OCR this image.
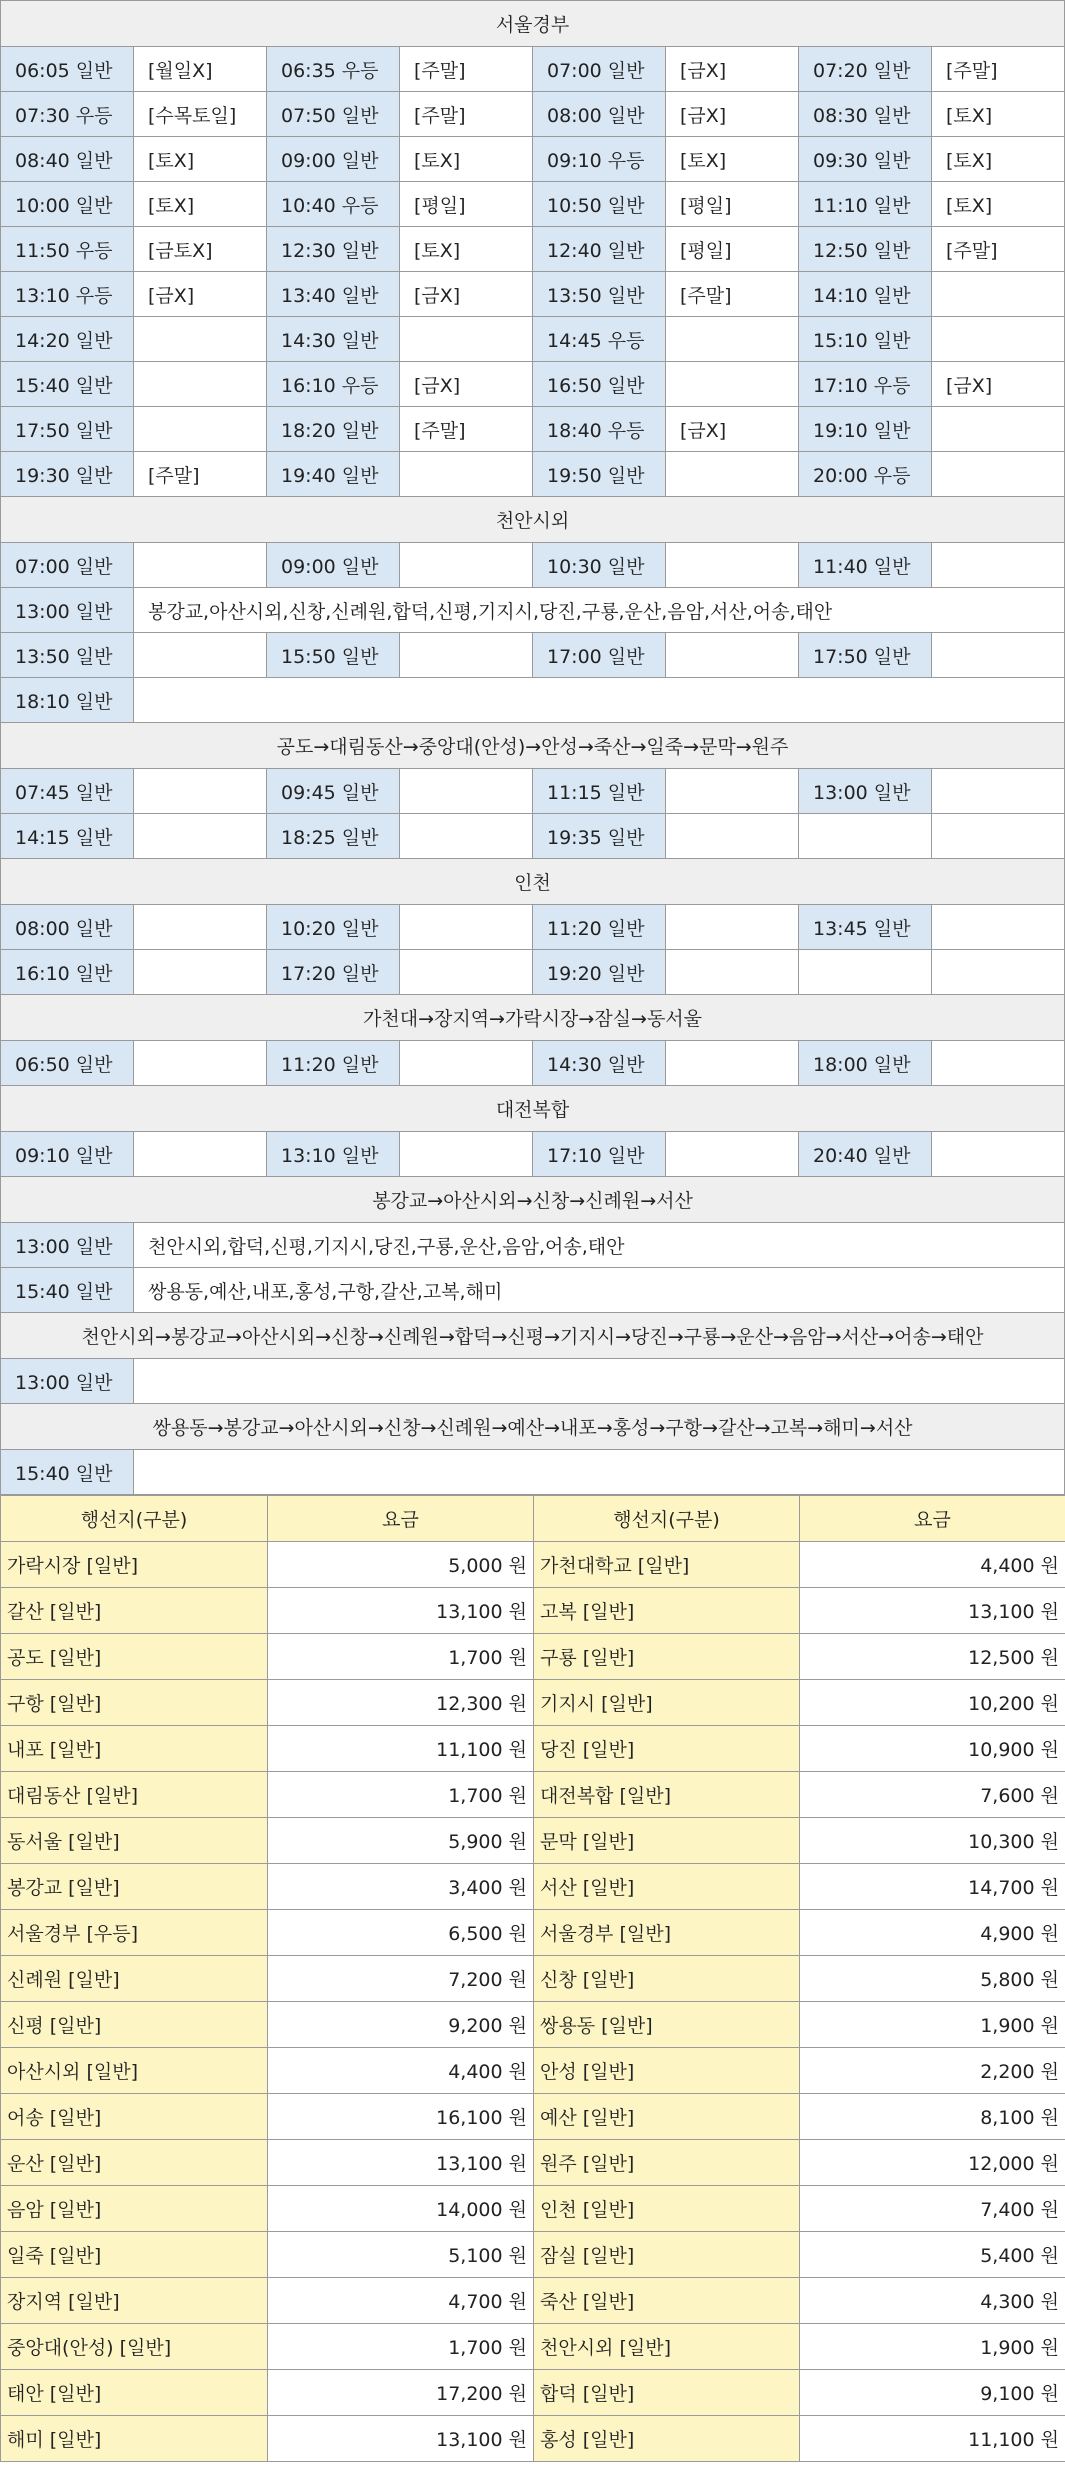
서울경부							
06:05 일반	[월일X]	06:35 우등	[주말]	07:00 일반	[금X]	07:20 일반	[주말]
07:30 우등	[수목토일]	07:50 일반	[주말]	08:00 일반	[금X]	08:30 일반	[토X]
08:40 일반	[토X]	09:00 일반	[토X]	09:10 우등	[토X]	09:30 일반	[토X]
10:00 일반	[토X]	10:40 우등	[평일]	10:50 일반	[평일]	11:10 일반	[토X]
11:50 우등	[금토X]	12:30 일반	[토X]	12:40 일반	[평일]	12:50 일반	[주말]
13:10 우등	[금X]	13:40 일반	[금X]	13:50 일반	[주말]	14:10 일반	
14:20 일반		14:30 일반		14:45 우등		15:10 일반	
15:40 일반		16:10 우등	[금X]	16:50 일반		17:10 우등	[금X]
17:50 일반		18:20 일반	[주말]	18:40 우등	[금X]	19:10 일반	
19:30 일반	[주말]	19:40 일반		19:50 일반		20:00 우등	
천안시외							
07:00 일반		09:00 일반		10:30 일반		11:40 일반	
13:00 일반	봉강교,아산시외,신창,신례원,합덕,신평,기지시,당진,구룡,운산,음암,서산,어송,태안						
13:50 일반		15:50 일반		17:00 일반		17:50 일반	
18:10 일반							
공도→대림동산→중앙대(안성)→안성→죽산→일죽→문막→원주							
07:45 일반		09:45 일반		11:15 일반		13:00 일반	
14:15 일반		18:25 일반		19:35 일반			
인천							
08:00 일반		10:20 일반		11:20 일반		13:45 일반	
16:10 일반		17:20 일반		19:20 일반			
가천대→장지역→가락시장→잠실→동서울							
06:50 일반		11:20 일반		14:30 일반		18:00 일반	
대전복합							
09:10 일반		13:10 일반		17:10 일반		20:40 일반	
봉강교→아산시외→신창→신례원→서산							
13:00 일반	천안시외,합덕,신평,기지시,당진,구룡,운산,음암,어송,태안						
15:40 일반	쌍용동,예산,내포,홍성,구항,갈산,고복,해미						
천안시외→봉강교→아산시외→신창→신례원→합덕→신평→기지시→당진→구룡→운산→음암→서산→어송→태안							
13:00 일반							
쌍용동→봉강교→아산시외→신창→신례원→예산→내포→홍성→구항→갈산→고복→해미→서산							
15:40 일반							
행선지(구분)	요금	행선지(구분)	요금
가락시장 [일반]	5,000 원	가천대학교 [일반]	4,400 원
갈산 [일반]	13,100 원	고복 [일반]	13,100 원
공도 [일반]	1,700 원	구룡 [일반]	12,500 원
구항 [일반]	12,300 원	기지시 [일반]	10,200 원
내포 [일반]	11,100 원	당진 [일반]	10,900 원
대림동산 [일반]	1,700 원	대전복합 [일반]	7,600 원
동서울 [일반]	5,900 원	문막 [일반]	10,300 원
봉강교 [일반]	3,400 원	서산 [일반]	14,700 원
서울경부 [우등]	6,500 원	서울경부 [일반]	4,900 원
신례원 [일반]	7,200 원	신창 [일반]	5,800 원
신평 [일반]	9,200 원	쌍용동 [일반]	1,900 원
아산시외 [일반]	4,400 원	안성 [일반]	2,200 원
어송 [일반]	16,100 원	예산 [일반]	8,100 원
운산 [일반]	13,100 원	원주 [일반]	12,000 원
음암 [일반]	14,000 원	인천 [일반]	7,400 원
일죽 [일반]	5,100 원	잠실 [일반]	5,400 원
장지역 [일반]	4,700 원	죽산 [일반]	4,300 원
중앙대(안성) [일반]	1,700 원	천안시외 [일반]	1,900 원
태안 [일반]	17,200 원	합덕 [일반]	9,100 원
해미 [일반]	13,100 원	홍성 [일반]	11,100 원
